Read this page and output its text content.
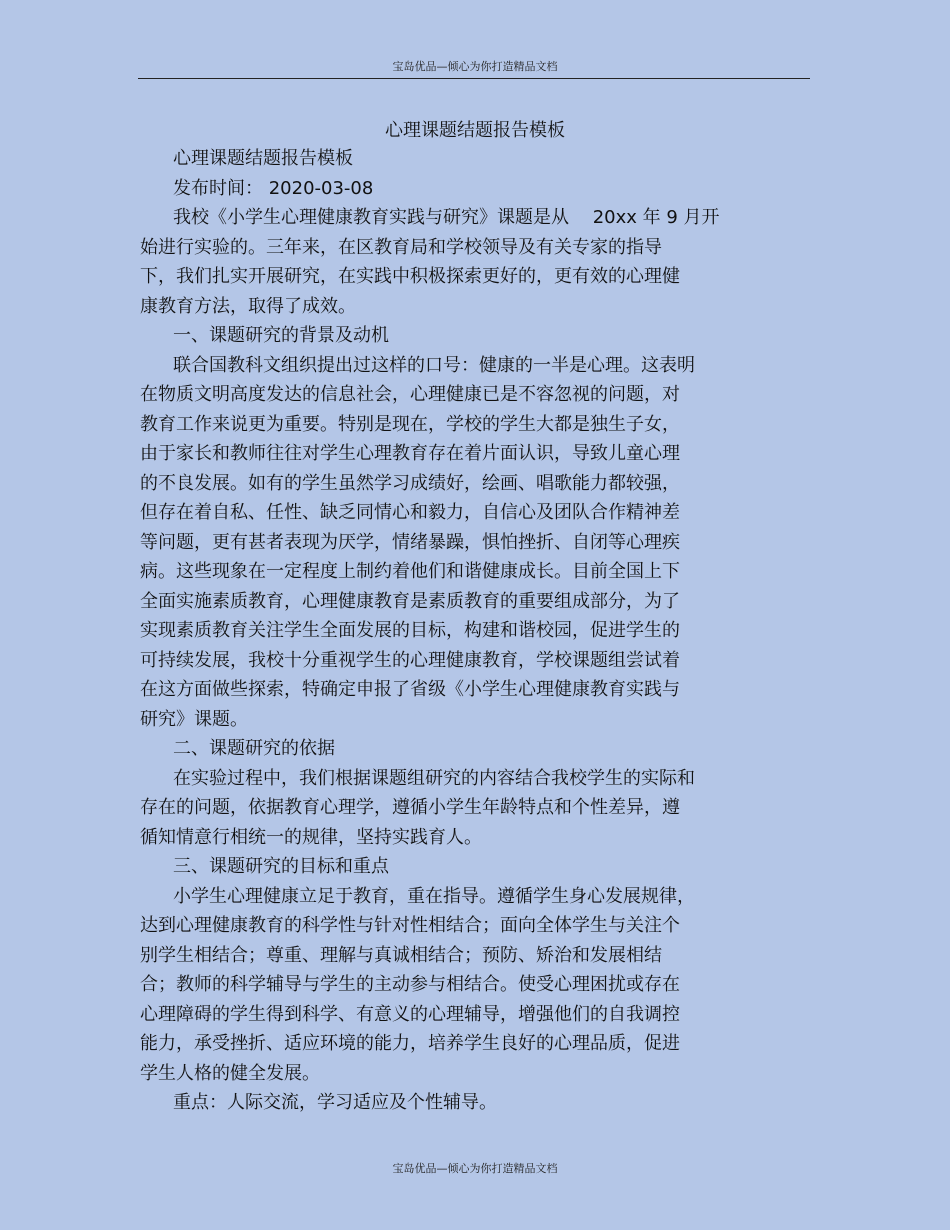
宝岛优品—倾心为你打造精品文档
心理课题结题报告模板
心理课题结题报告模板
发布时间： 2020-03-08
我校《小学生心理健康教育实践与研究》课题是从 　20xx 年 9 月开
始进行实验的。三年来，在区教育局和学校领导及有关专家的指导
下，我们扎实开展研究，在实践中积极探索更好的，更有效的心理健
康教育方法，取得了成效。
一、课题研究的背景及动机
联合国教科文组织提出过这样的口号：健康的一半是心理。这表明
在物质文明高度发达的信息社会，心理健康已是不容忽视的问题，对
教育工作来说更为重要。特别是现在，学校的学生大都是独生子女，
由于家长和教师往往对学生心理教育存在着片面认识，导致儿童心理
的不良发展。如有的学生虽然学习成绩好，绘画、唱歌能力都较强，
但存在着自私、任性、缺乏同情心和毅力，自信心及团队合作精神差
等问题，更有甚者表现为厌学，情绪暴躁，惧怕挫折、自闭等心理疾
病。这些现象在一定程度上制约着他们和谐健康成长。目前全国上下
全面实施素质教育，心理健康教育是素质教育的重要组成部分，为了
实现素质教育关注学生全面发展的目标，构建和谐校园，促进学生的
可持续发展，我校十分重视学生的心理健康教育，学校课题组尝试着
在这方面做些探索，特确定申报了省级《小学生心理健康教育实践与
研究》课题。
二、课题研究的依据
在实验过程中，我们根据课题组研究的内容结合我校学生的实际和
存在的问题，依据教育心理学，遵循小学生年龄特点和个性差异，遵
循知情意行相统一的规律，坚持实践育人。
三、课题研究的目标和重点
小学生心理健康立足于教育，重在指导。遵循学生身心发展规律，
达到心理健康教育的科学性与针对性相结合；面向全体学生与关注个
别学生相结合；尊重、理解与真诚相结合；预防、矫治和发展相结
合；教师的科学辅导与学生的主动参与相结合。使受心理困扰或存在
心理障碍的学生得到科学、有意义的心理辅导，增强他们的自我调控
能力，承受挫折、适应环境的能力，培养学生良好的心理品质，促进
学生人格的健全发展。
重点：人际交流，学习适应及个性辅导。
宝岛优品—倾心为你打造精品文档
